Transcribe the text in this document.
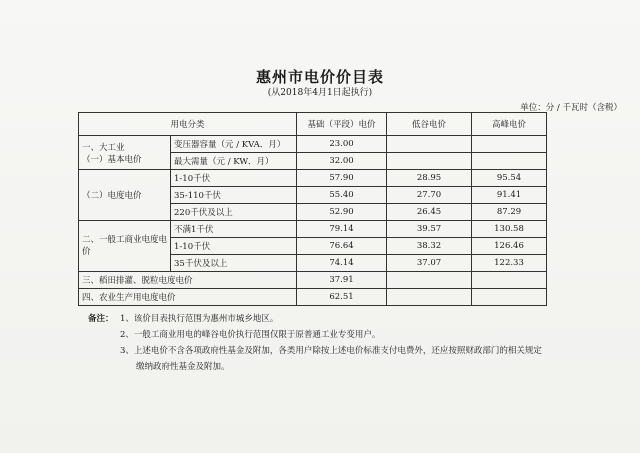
惠州市电价价目表
(从2018年4月1日起执行)
单位：分 / 千瓦时（含税）
用电分类		基础（平段）电价	低谷电价	高峰电价

一、大工业
（一）基本电价	变压器容量（元 / KVA．月）	23.00		
	最大需量（元 / KW．月）	32.00		
（二）电度电价	1-10千伏	57.90	28.95	95.54
	35-110千伏	55.40	27.70	91.41
	220千伏及以上	52.90	26.45	87.29
二、一般工商业电度电价	不满1千伏	79.14	39.57	130.58
	1-10千伏	76.64	38.32	126.46
	35千伏及以上	74.14	37.07	122.33
三、稻田排灌、脱粒电度电价		37.91		
四、农业生产用电度电价		62.51		
备注： 1、该价目表执行范围为惠州市城乡地区。
2、一般工商业用电的峰谷电价执行范围仅限于原普通工业专变用户。
3、上述电价不含各项政府性基金及附加，各类用户除按上述电价标准支付电费外，还应按照财政部门的相关规定
缴纳政府性基金及附加。
